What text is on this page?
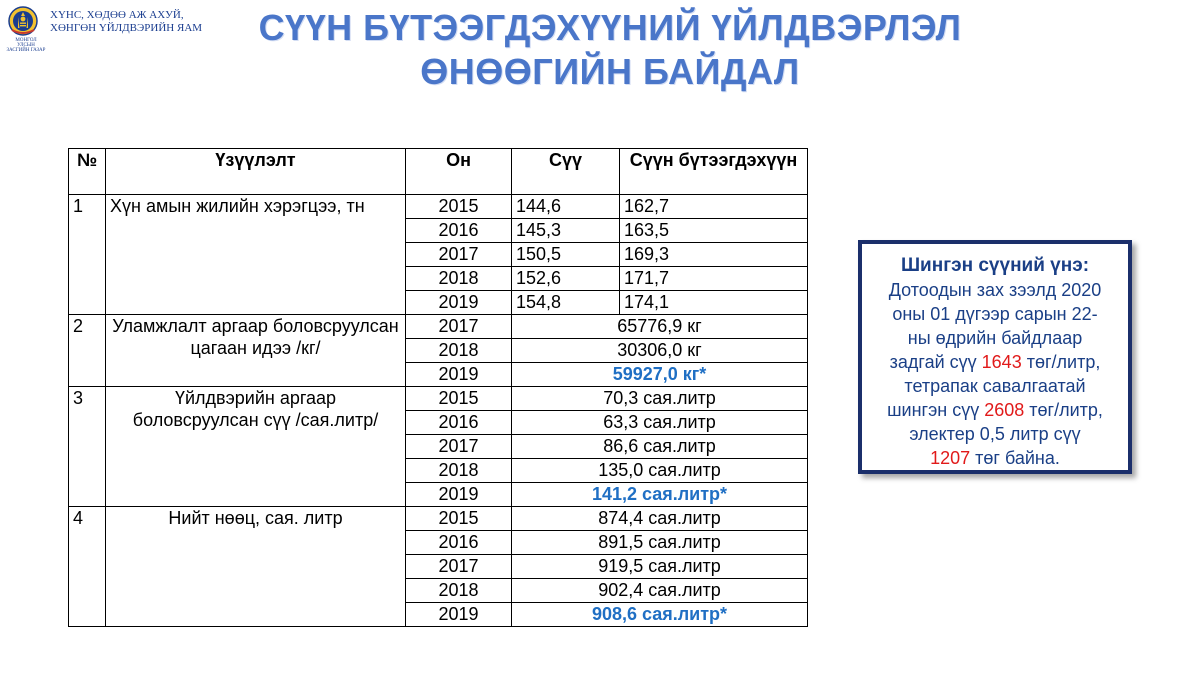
МОНГОЛ УЛСЫН ЗАСГИЙН ГАЗАР
ХҮНС, ХӨДӨӨ АЖ АХУЙ,
ХӨНГӨН ҮЙЛДВЭРИЙН ЯАМ	СҮҮН БҮТЭЭГДЭХҮҮНИЙ ҮЙЛДВЭРЛЭЛ
ӨНӨӨГИЙН БАЙДАЛ
№	Үзүүлэлт	Он	Сүү	Сүүн бүтээгдэхүүн
1	Хүн амын жилийн хэрэгцээ, тн	2015	144,6	162,7
		2016	145,3	163,5
		2017	150,5	169,3
		2018	152,6	171,7
		2019	154,8	174,1
2	Уламжлалт аргаар боловсруулсан цагаан идээ /кг/	2017	65776,9 кг	
		2018	30306,0 кг	
		2019	59927,0 кг*	
3	Үйлдвэрийн аргаар боловсруулсан сүү /сая.литр/	2015	70,3 сая.литр	
		2016	63,3 сая.литр	
		2017	86,6 сая.литр	
		2018	135,0 сая.литр	
		2019	141,2 сая.литр*	
4	Нийт нөөц, сая. литр	2015	874,4 сая.литр	
		2016	891,5 сая.литр	
		2017	919,5 сая.литр	
		2018	902,4 сая.литр	
		2019	908,6 сая.литр*	
Шингэн сүүний үнэ:
Дотоодын зах зээлд 2020
оны 01 дүгээр сарын 22-
ны өдрийн байдлаар
задгай сүү 1643 төг/литр,
тетрапак савалгаатай
шингэн сүү 2608 төг/литр,
электер 0,5 литр сүү
1207 төг байна.
